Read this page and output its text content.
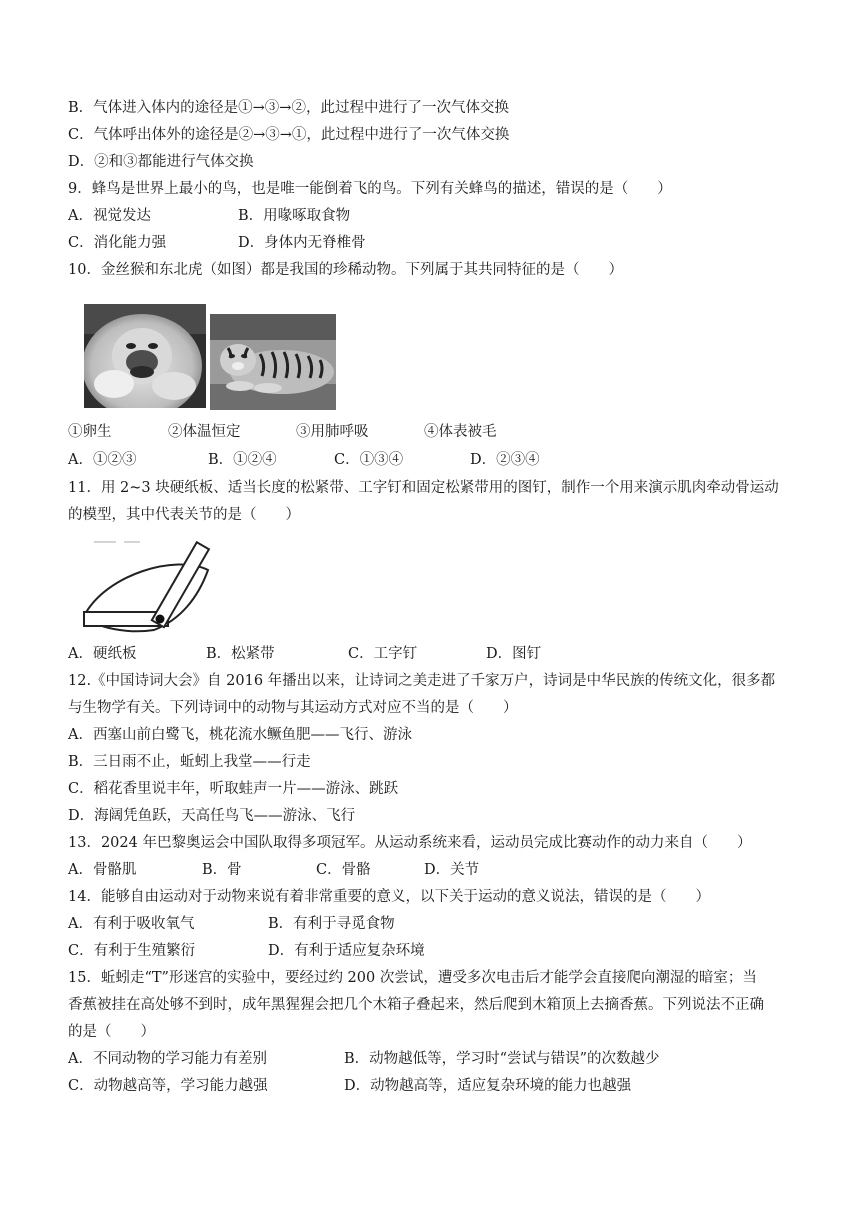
B．气体进入体内的途径是①→③→②，此过程中进行了一次气体交换
C．气体呼出体外的途径是②→③→①，此过程中进行了一次气体交换
D．②和③都能进行气体交换
9．蜂鸟是世界上最小的鸟，也是唯一能倒着飞的鸟。下列有关蜂鸟的描述，错误的是（　　）
A．视觉发达	B．用喙啄取食物
C．消化能力强	D．身体内无脊椎骨
10．金丝猴和东北虎（如图）都是我国的珍稀动物。下列属于其共同特征的是（　　）
①卵生	②体温恒定	③用肺呼吸	④体表被毛
A．①②③	B．①②④	C．①③④	D．②③④
11．用 2~3 块硬纸板、适当长度的松紧带、工字钉和固定松紧带用的图钉，制作一个用来演示肌肉牵动骨运动
的模型，其中代表关节的是（　　）
A．硬纸板	B．松紧带	C．工字钉	D．图钉
12.《中国诗词大会》自 2016 年播出以来，让诗词之美走进了千家万户，诗词是中华民族的传统文化，很多都
与生物学有关。下列诗词中的动物与其运动方式对应不当的是（　　）
A．西塞山前白鹭飞，桃花流水鳜鱼肥——飞行、游泳
B．三日雨不止，蚯蚓上我堂——行走
C．稻花香里说丰年，听取蛙声一片——游泳、跳跃
D．海阔凭鱼跃，天高任鸟飞——游泳、飞行
13．2024 年巴黎奥运会中国队取得多项冠军。从运动系统来看，运动员完成比赛动作的动力来自（　　）
A．骨骼肌	B．骨	C．骨骼	D．关节
14．能够自由运动对于动物来说有着非常重要的意义，以下关于运动的意义说法，错误的是（　　）
A．有利于吸收氧气	B．有利于寻觅食物
C．有利于生殖繁衍	D．有利于适应复杂环境
15．蚯蚓走“T”形迷宫的实验中，要经过约 200 次尝试，遭受多次电击后才能学会直接爬向潮湿的暗室；当
香蕉被挂在高处够不到时，成年黑猩猩会把几个木箱子叠起来，然后爬到木箱顶上去摘香蕉。下列说法不正确
的是（　　）
A．不同动物的学习能力有差别	B．动物越低等，学习时“尝试与错误”的次数越少
C．动物越高等，学习能力越强	D．动物越高等，适应复杂环境的能力也越强
